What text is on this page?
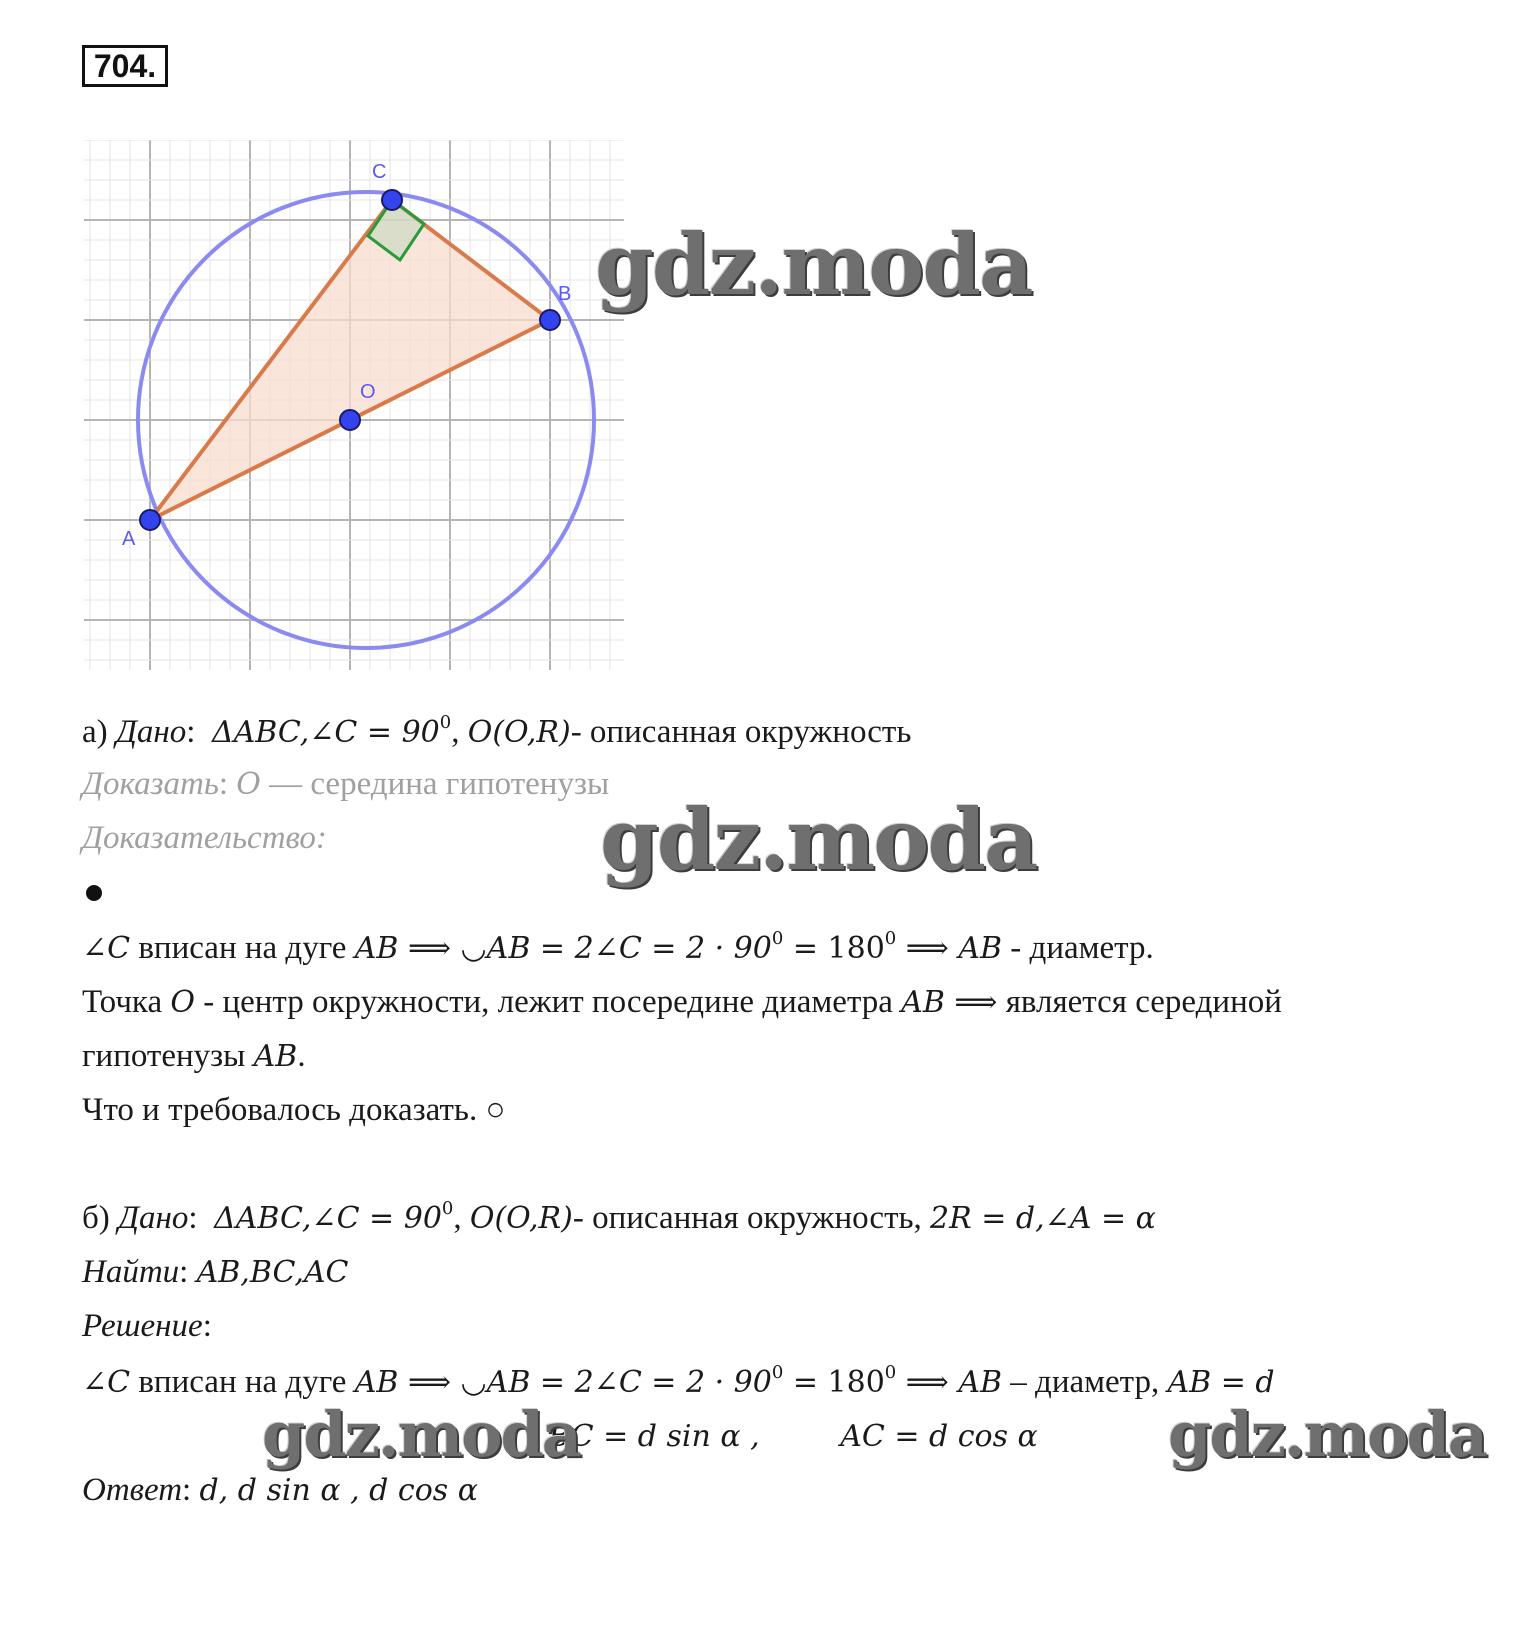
704.
A
B
C
O
а) Дано:  ΔABC,∠C = $90^0$, O(O,R)- описанная окружность
Доказать: O — середина гипотенузы
Доказательство:
∠C вписан на дуге AB ⟹ ◡AB = 2∠C = $2 \cdot 90^0 = 180^0$ ⟹ AB - диаметр.
Точка O - центр окружности, лежит посередине диаметра AB ⟹ является серединой
гипотенузы AB.
Что и требовалось доказать. ○
б) Дано:  ΔABC,∠C = $90^0$, O(O,R)- описанная окружность, 2R = d,∠A = α
Найти: AB,BC,AC
Решение:
∠C вписан на дуге AB ⟹ ◡AB = 2∠C = $2 \cdot 90^0 = 180^0$ ⟹ AB – диаметр, AB = d
BC = d sin α ,	AC = d cos α
Ответ: d, d sin α , d cos α
gdz.moda
gdz.moda
gdz.moda	gdz.moda
